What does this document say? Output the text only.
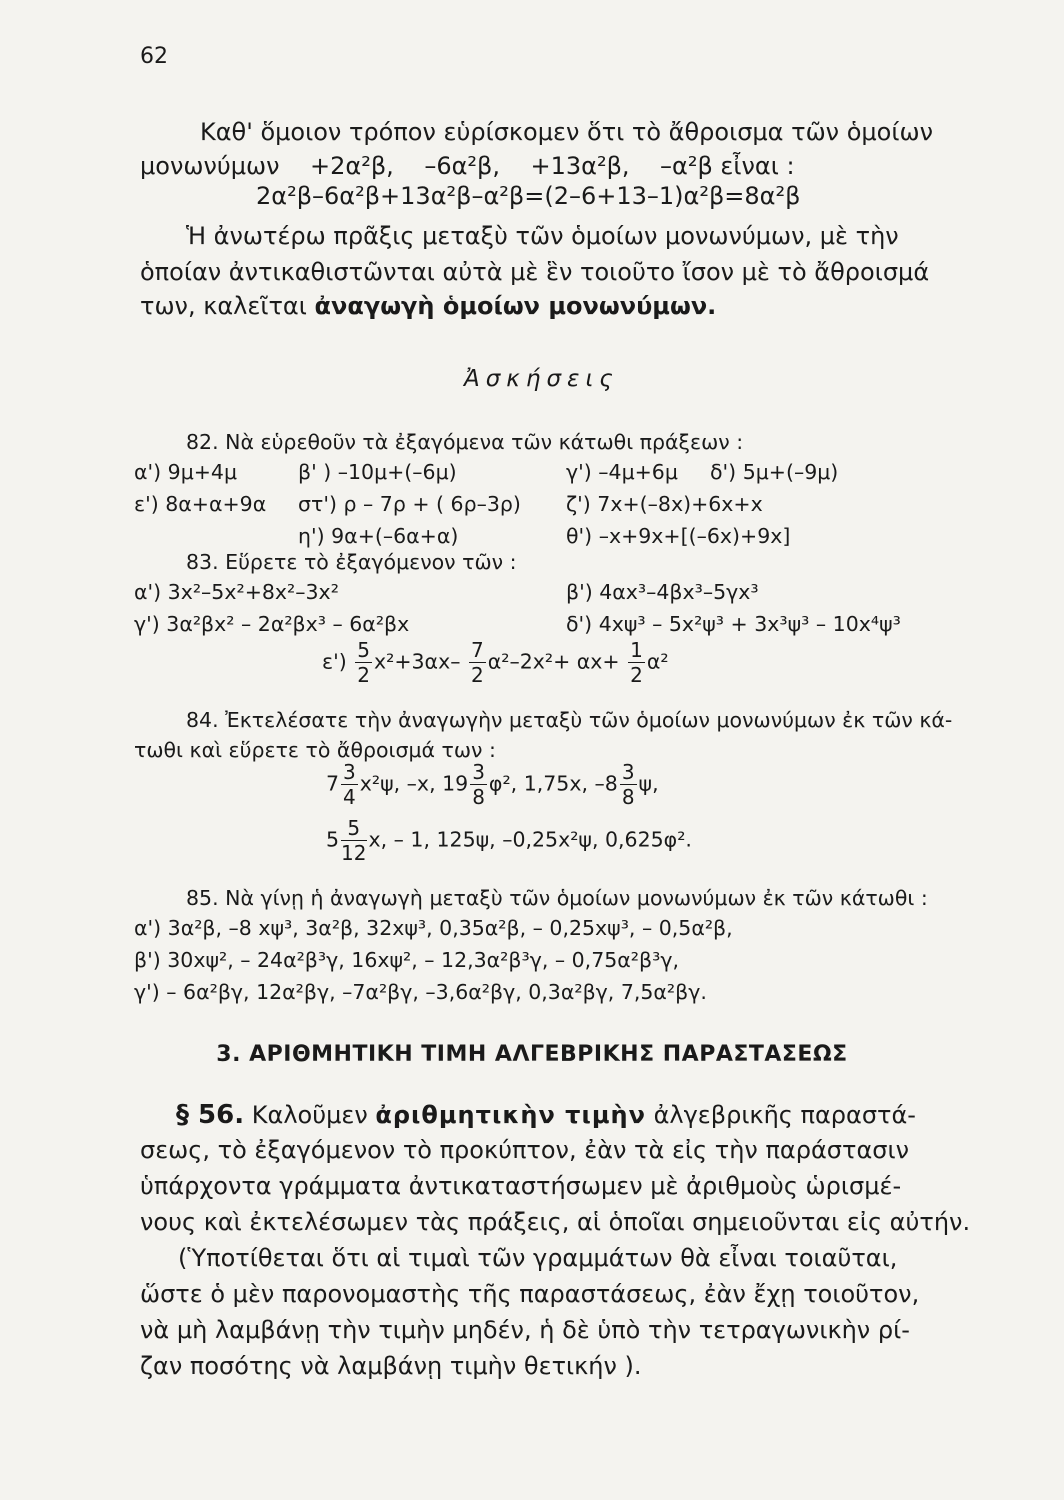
62
Καθ' ὅμοιον τρόπον εὑρίσκομεν ὅτι τὸ ἄθροισμα τῶν ὁμοίων
μονωνύμων    +2α²β,    –6α²β,    +13α²β,    –α²β εἶναι :
2α²β–6α²β+13α²β–α²β=(2–6+13–1)α²β=8α²β
Ἡ ἀνωτέρω πρᾶξις μεταξὺ τῶν ὁμοίων μονωνύμων, μὲ τὴν
ὁποίαν ἀντικαθιστῶνται αὐτὰ μὲ ἓν τοιοῦτο ἴσον μὲ τὸ ἄθροισμά
των, καλεῖται ἀναγωγὴ ὁμοίων μονωνύμων.
Ἀσκήσεις
82. Νὰ εὑρεθοῦν τὰ ἐξαγόμενα τῶν κάτωθι πράξεων :
α') 9μ+4μ	β' ) –10μ+(–6μ)	γ') –4μ+6μ δ') 5μ+(–9μ)
ε') 8α+α+9α στ') ρ – 7ρ + ( 6ρ–3ρ) ζ') 7x+(–8x)+6x+x
η') 9α+(–6α+α)	θ') –x+9x+[(–6x)+9x]
83. Εὕρετε τὸ ἐξαγόμενον τῶν :
α') 3x²–5x²+8x²–3x²	β') 4αx³–4βx³–5γx³
γ') 3α²βx² – 2α²βx³ – 6α²βx	δ') 4xψ³ – 5x²ψ³ + 3x³ψ³ – 10x⁴ψ³
$\varepsilon') \frac{5}{2} x^2+3\alpha x- \frac{7}{2} \alpha^2-2x^2+ \alpha x+ \frac{1}{2} \alpha^2$
84. Ἐκτελέσατε τὴν ἀναγωγὴν μεταξὺ τῶν ὁμοίων μονωνύμων ἐκ τῶν κά-
τωθι καὶ εὕρετε τὸ ἄθροισμά των :
$7 \frac{3}{4} x^2\psi$, –x, $19 \frac{3}{8} \varphi^2$, 1,75x, $-8 \frac{3}{8} \psi$,
$5 \frac{5}{12} x$, – 1, 125ψ, –0,25x²ψ, 0,625φ².
85. Νὰ γίνῃ ἡ ἀναγωγὴ μεταξὺ τῶν ὁμοίων μονωνύμων ἐκ τῶν κάτωθι :
α') 3α²β, –8 xψ³, 3α²β, 32xψ³, 0,35α²β, – 0,25xψ³, – 0,5α²β,
β') 30xψ², – 24α²β³γ, 16xψ², – 12,3α²β³γ, – 0,75α²β³γ,
γ') – 6α²βγ, 12α²βγ, –7α²βγ, –3,6α²βγ, 0,3α²βγ, 7,5α²βγ.
3. ΑΡΙΘΜΗΤΙΚΗ ΤΙΜΗ ΑΛΓΕΒΡΙΚΗΣ ΠΑΡΑΣΤΑΣΕΩΣ
§ 56. Καλοῦμεν ἀριθμητικὴν τιμὴν ἀλγεβρικῆς παραστά-
σεως, τὸ ἐξαγόμενον τὸ προκύπτον, ἐὰν τὰ εἰς τὴν παράστασιν
ὑπάρχοντα γράμματα ἀντικαταστήσωμεν μὲ ἀριθμοὺς ὡρισμέ-
νους καὶ ἐκτελέσωμεν τὰς πράξεις, αἱ ὁποῖαι σημειοῦνται εἰς αὐτήν.
(Ὑποτίθεται ὅτι αἱ τιμαὶ τῶν γραμμάτων θὰ εἶναι τοιαῦται,
ὥστε ὁ μὲν παρονομαστὴς τῆς παραστάσεως, ἐὰν ἔχῃ τοιοῦτον,
νὰ μὴ λαμβάνῃ τὴν τιμὴν μηδέν, ἡ δὲ ὑπὸ τὴν τετραγωνικὴν ρί-
ζαν ποσότης νὰ λαμβάνῃ τιμὴν θετικήν ).
